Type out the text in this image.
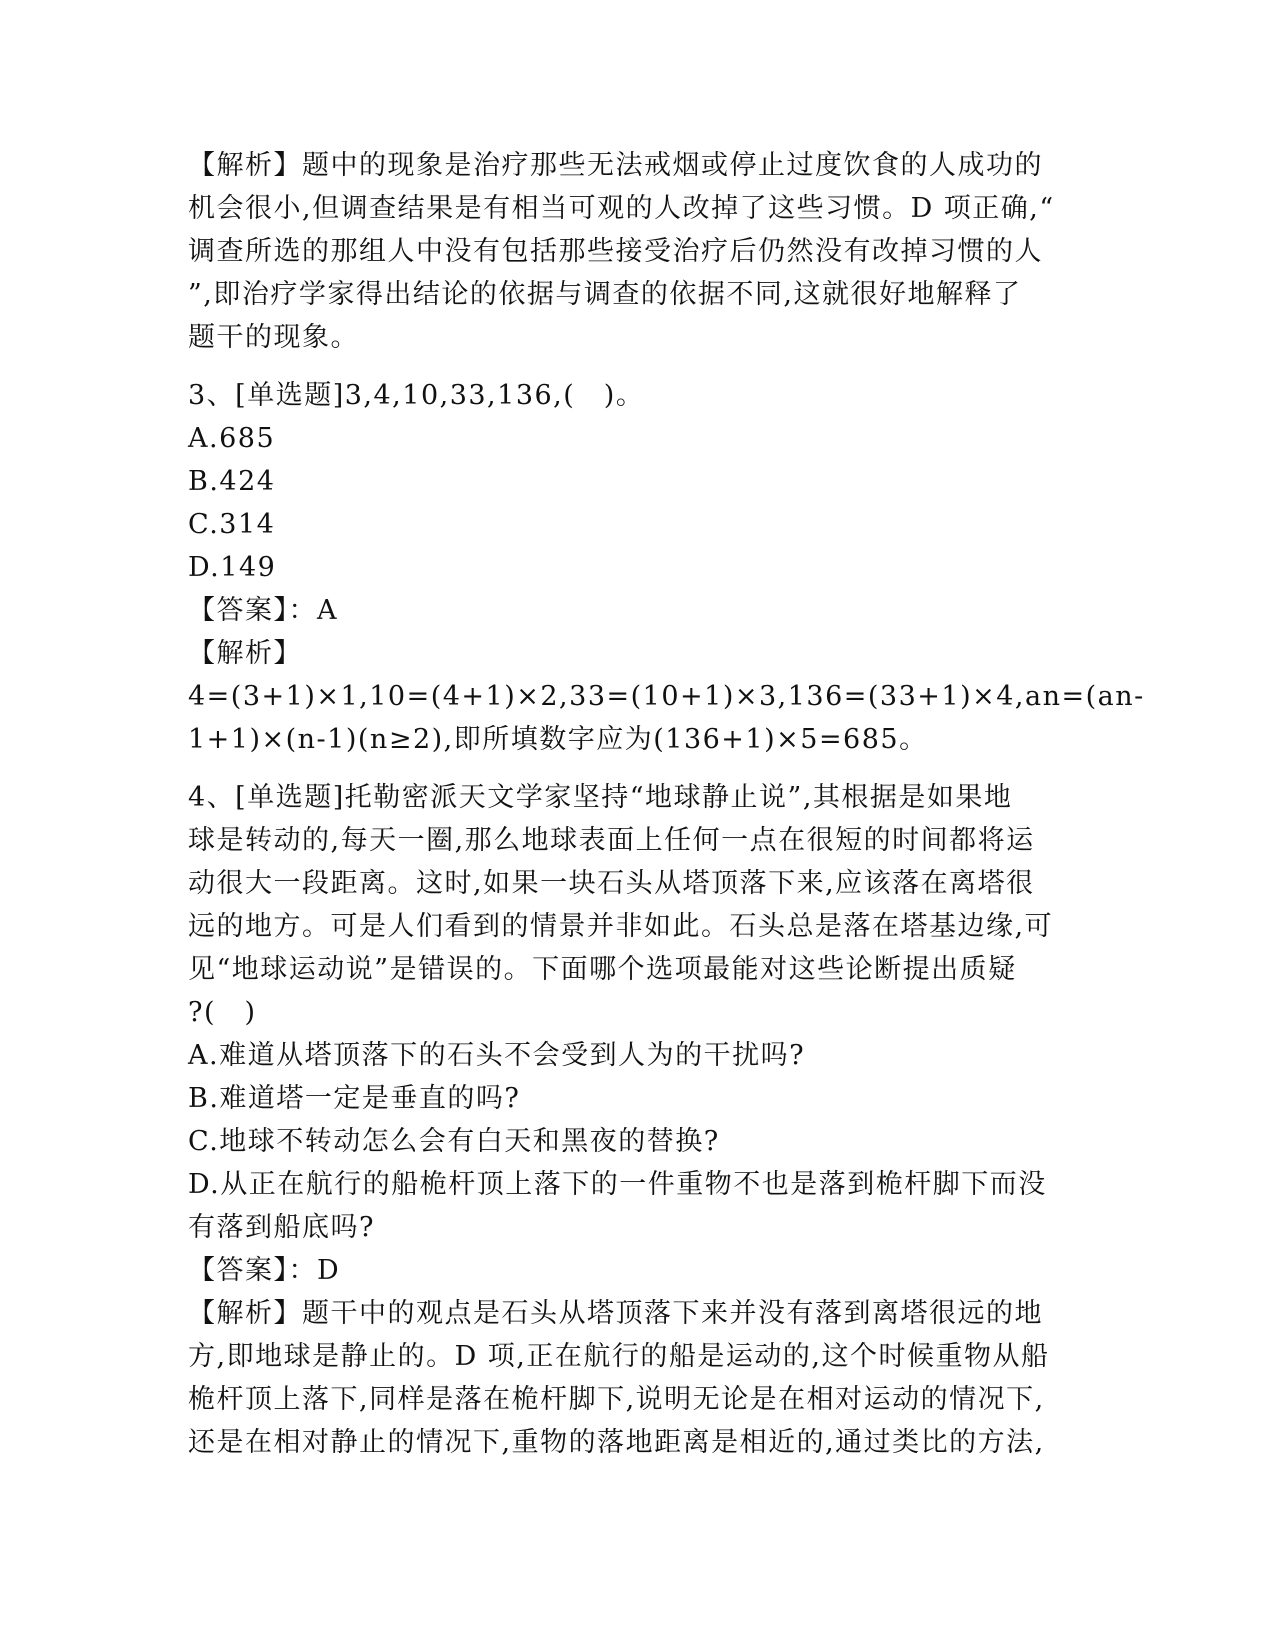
【解析】题中的现象是治疗那些无法戒烟或停止过度饮食的人成功的
机会很小,但调查结果是有相当可观的人改掉了这些习惯。D 项正确,“
调查所选的那组人中没有包括那些接受治疗后仍然没有改掉习惯的人
”,即治疗学家得出结论的依据与调查的依据不同,这就很好地解释了
题干的现象。
3、[单选题]3,4,10,33,136,(　)。
A.685
B.424
C.314
D.149
【答案】：A
【解析】
4=(3+1)×1,10=(4+1)×2,33=(10+1)×3,136=(33+1)×4,an=(an-
1+1)×(n-1)(n≥2),即所填数字应为(136+1)×5=685。
4、[单选题]托勒密派天文学家坚持“地球静止说”,其根据是如果地
球是转动的,每天一圈,那么地球表面上任何一点在很短的时间都将运
动很大一段距离。这时,如果一块石头从塔顶落下来,应该落在离塔很
远的地方。可是人们看到的情景并非如此。石头总是落在塔基边缘,可
见“地球运动说”是错误的。下面哪个选项最能对这些论断提出质疑
?(　)
A.难道从塔顶落下的石头不会受到人为的干扰吗?
B.难道塔一定是垂直的吗?
C.地球不转动怎么会有白天和黑夜的替换?
D.从正在航行的船桅杆顶上落下的一件重物不也是落到桅杆脚下而没
有落到船底吗?
【答案】：D
【解析】题干中的观点是石头从塔顶落下来并没有落到离塔很远的地
方,即地球是静止的。D 项,正在航行的船是运动的,这个时候重物从船
桅杆顶上落下,同样是落在桅杆脚下,说明无论是在相对运动的情况下,
还是在相对静止的情况下,重物的落地距离是相近的,通过类比的方法,
